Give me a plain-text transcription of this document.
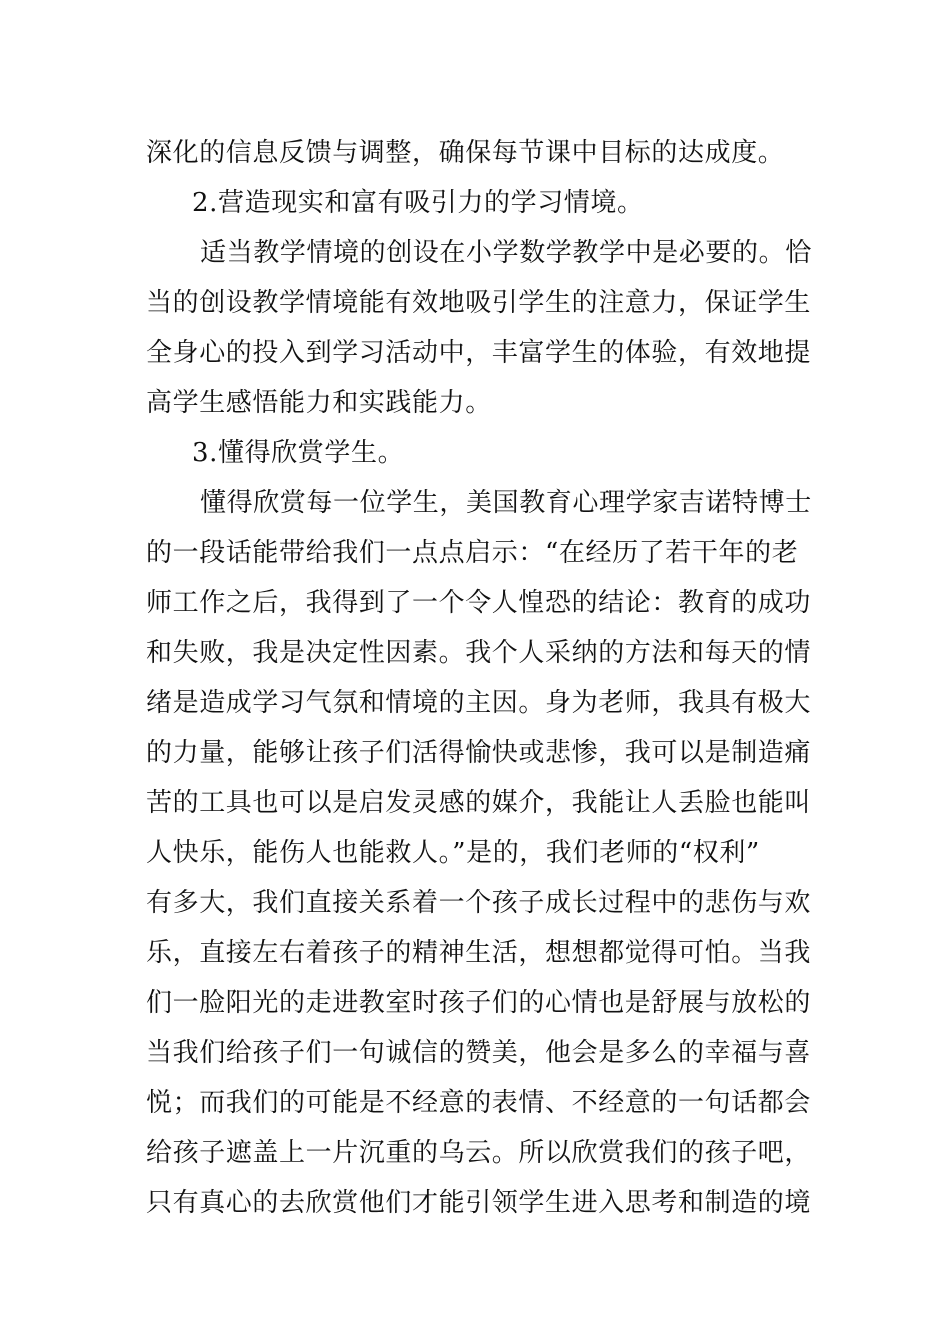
深化的信息反馈与调整，确保每节课中目标的达成度。
2.营造现实和富有吸引力的学习情境。
适当教学情境的创设在小学数学教学中是必要的。恰
当的创设教学情境能有效地吸引学生的注意力，保证学生
全身心的投入到学习活动中，丰富学生的体验，有效地提
高学生感悟能力和实践能力。
3.懂得欣赏学生。
懂得欣赏每一位学生，美国教育心理学家吉诺特博士
的一段话能带给我们一点点启示：“在经历了若干年的老
师工作之后，我得到了一个令人惶恐的结论：教育的成功
和失败，我是决定性因素。我个人采纳的方法和每天的情
绪是造成学习气氛和情境的主因。身为老师，我具有极大
的力量，能够让孩子们活得愉快或悲惨，我可以是制造痛
苦的工具也可以是启发灵感的媒介，我能让人丢脸也能叫
人快乐，能伤人也能救人。”是的，我们老师的“权利”
有多大，我们直接关系着一个孩子成长过程中的悲伤与欢
乐，直接左右着孩子的精神生活，想想都觉得可怕。当我
们一脸阳光的走进教室时孩子们的心情也是舒展与放松的
当我们给孩子们一句诚信的赞美，他会是多么的幸福与喜
悦；而我们的可能是不经意的表情、不经意的一句话都会
给孩子遮盖上一片沉重的乌云。所以欣赏我们的孩子吧，
只有真心的去欣赏他们才能引领学生进入思考和制造的境
